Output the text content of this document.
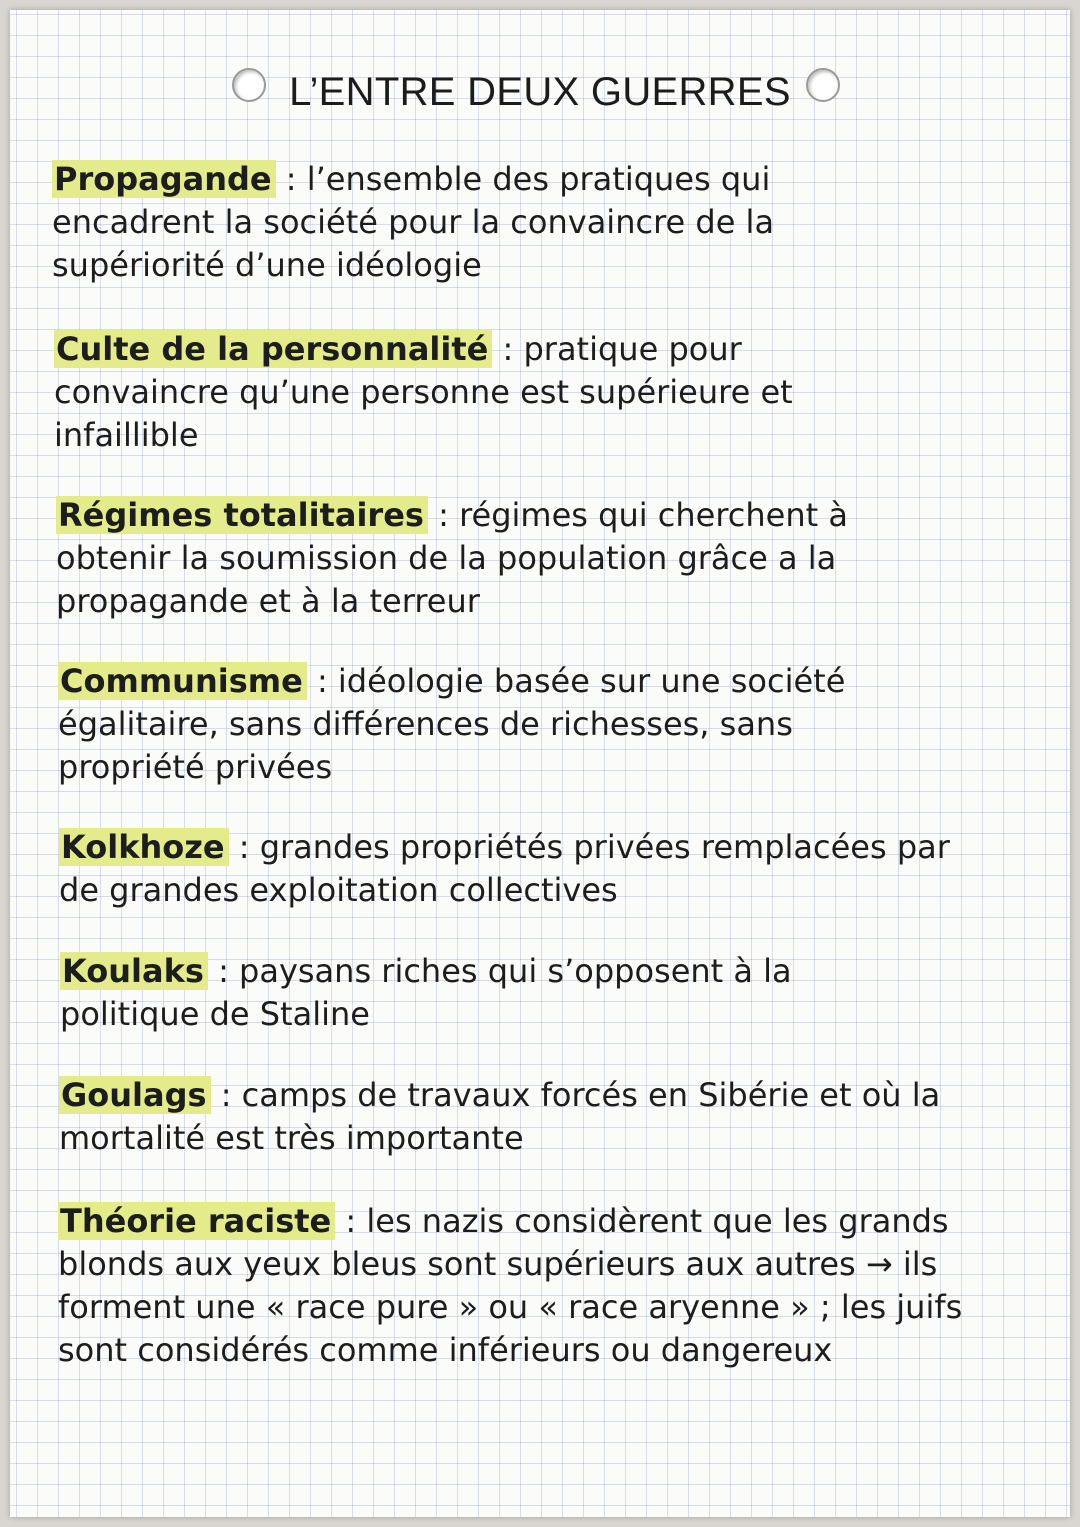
L’ENTRE DEUX GUERRES

Propagande : l’ensemble des pratiques qui encadrent la société pour la convaincre de la supériorité d’une idéologie

Culte de la personnalité : pratique pour convaincre qu’une personne est supérieure et infaillible

Régimes totalitaires : régimes qui cherchent à obtenir la soumission de la population grâce a la propagande et à la terreur

Communisme : idéologie basée sur une société égalitaire, sans différences de richesses, sans propriété privées

Kolkhoze : grandes propriétés privées remplacées par de grandes exploitation collectives

Koulaks : paysans riches qui s’opposent à la politique de Staline

Goulags : camps de travaux forcés en Sibérie et où la mortalité est très importante

Théorie raciste : les nazis considèrent que les grands blonds aux yeux bleus sont supérieurs aux autres → ils forment une « race pure » ou « race aryenne » ; les juifs sont considérés comme inférieurs ou dangereux
